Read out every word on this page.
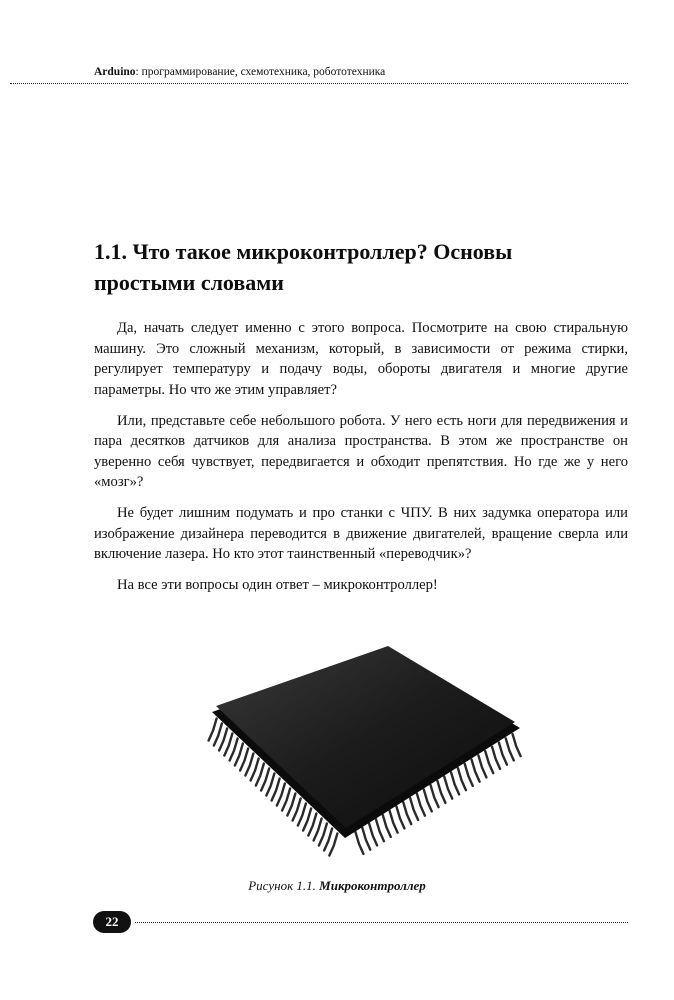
Arduino: программирование, схемотехника, робототехника
1.1. Что такое микроконтроллер? Основы простыми словами

Да, начать следует именно с этого вопроса. Посмотрите на свою стиральную машину. Это сложный механизм, который, в зависимости от режима стирки, регулирует температуру и подачу воды, обороты двигателя и многие другие параметры. Но что же этим управляет?

Или, представьте себе небольшого робота. У него есть ноги для передвижения и пара десятков датчиков для анализа пространства. В этом же пространстве он уверенно себя чувствует, передвигается и обходит препятствия. Но где же у него «мозг»?

Не будет лишним подумать и про станки с ЧПУ. В них задумка оператора или изображение дизайнера переводится в движение двигателей, вращение сверла или включение лазера. Но кто этот таинственный «переводчик»?

На все эти вопросы один ответ – микроконтроллер!

Рисунок 1.1. Микроконтроллер
22
